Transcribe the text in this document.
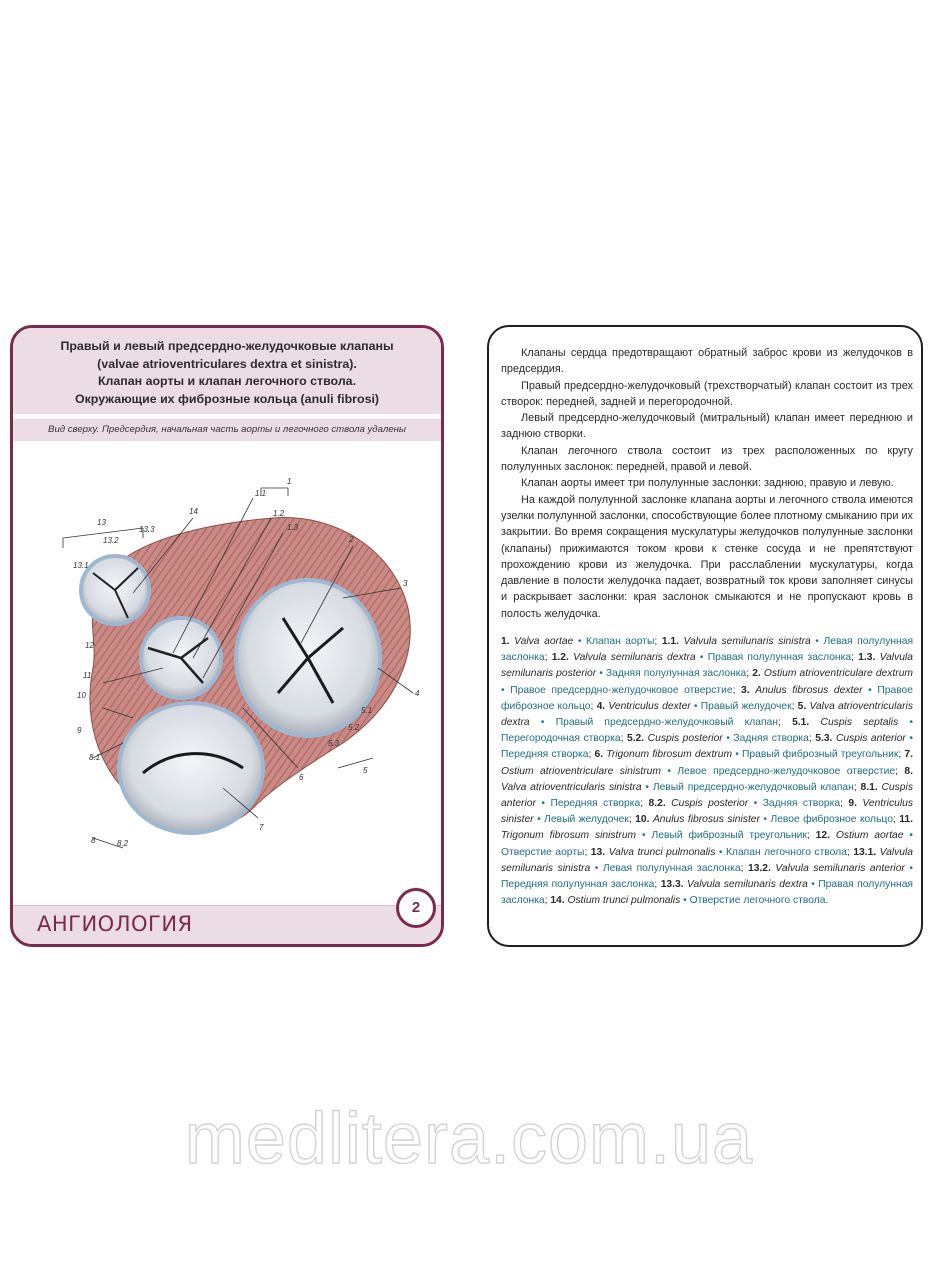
Правый и левый предсердно-желудочковые клапаны
(valvae atrioventriculares dextra et sinistra).
Клапан аорты и клапан легочного ствола.
Окружающие их фиброзные кольца (anuli fibrosi)
Вид сверху. Предсердия, начальная часть аорты и легочного ствола удалены
1
1.1
1.2
1.3
2
3
4
5
5.1
5.2
5.3
6
7
8
8.1
8.2
9
10
11
12
13
13.1
13.2
13.3
14
АНГИОЛОГИЯ
2

Клапаны сердца предотвращают обратный заброс крови из желудочков в предсердия.

Правый предсердно-желудочковый (трехстворчатый) клапан состоит из трех створок: передней, задней и перегородочной.

Левый предсердно-желудочковый (митральный) клапан имеет переднюю и заднюю створки.

Клапан легочного ствола состоит из трех расположенных по кругу полулунных заслонок: передней, правой и левой.

Клапан аорты имеет три полулунные заслонки: заднюю, правую и левую.

На каждой полулунной заслонке клапана аорты и легочного ствола имеются узелки полулунной заслонки, способствующие более плотному смыканию при их закрытии. Во время сокращения мускулатуры желудочков полулунные заслонки (клапаны) прижимаются током крови к стенке сосуда и не препятствуют прохождению крови из желудочка. При расслаблении мускулатуры, когда давление в полости желудочка падает, возвратный ток крови заполняет синусы и раскрывает заслонки: края заслонок смыкаются и не пропускают кровь в полость желудочка.

1. Valva aortae • Клапан аорты; 1.1. Valvula semilunaris sinistra • Левая полулунная заслонка; 1.2. Valvula semilunaris dextra • Правая полулунная заслонка; 1.3. Valvula semilunaris posterior • Задняя полулунная заслонка; 2. Ostium atrioventriculare dextrum • Правое предсердно-желудочковое отверстие; 3. Anulus fibrosus dexter • Правое фиброзное кольцо; 4. Ventriculus dexter • Правый желудочек; 5. Valva atrioventricularis dextra • Правый предсердно-желудочковый клапан; 5.1. Cuspis septalis • Перегородочная створка; 5.2. Cuspis posterior • Задняя створка; 5.3. Cuspis anterior • Передняя створка; 6. Trigonum fibrosum dextrum • Правый фиброзный треугольник; 7. Ostium atrioventriculare sinistrum • Левое предсердно-желудочковое отверстие; 8. Valva atrioventricularis sinistra • Левый предсердно-желудочковый клапан; 8.1. Cuspis anterior • Передняя створка; 8.2. Cuspis posterior • Задняя створка; 9. Ventriculus sinister • Левый желудочек; 10. Anulus fibrosus sinister • Левое фиброзное кольцо; 11. Trigonum fibrosum sinistrum • Левый фиброзный треугольник; 12. Ostium aortae • Отверстие аорты; 13. Valva trunci pulmonalis • Клапан легочного ствола; 13.1. Valvula semilunaris sinistra • Левая полулунная заслонка; 13.2. Valvula semilunaris anterior • Передняя полулунная заслонка; 13.3. Valvula semilunaris dextra • Правая полулунная заслонка; 14. Ostium trunci pulmonalis • Отверстие легочного ствола.
medlitera.com.ua
